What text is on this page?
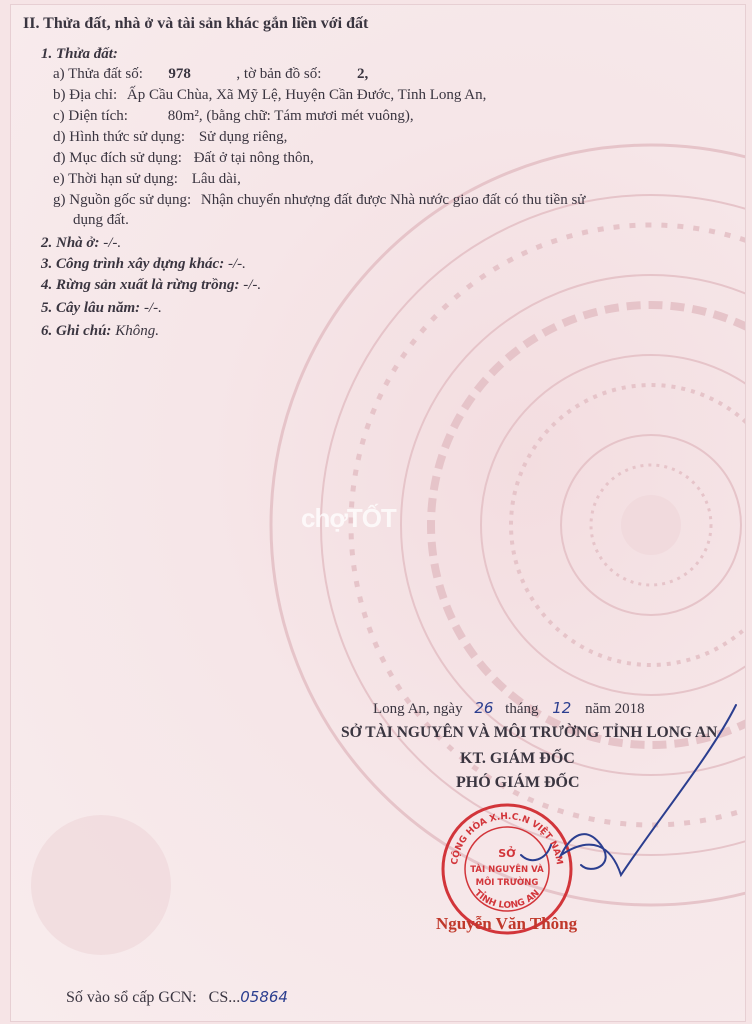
chợTỐT
II. Thửa đất, nhà ở và tài sản khác gắn liền với đất
1. Thửa đất:
a) Thửa đất số: 978	, tờ bản đồ số: 2,
b) Địa chỉ: Ấp Cầu Chùa, Xã Mỹ Lệ, Huyện Cần Đước, Tỉnh Long An,
c) Diện tích:	80m², (bằng chữ: Tám mươi mét vuông),
d) Hình thức sử dụng: Sử dụng riêng,
đ) Mục đích sử dụng: Đất ở tại nông thôn,
e) Thời hạn sử dụng: Lâu dài,
g) Nguồn gốc sử dụng: Nhận chuyển nhượng đất được Nhà nước giao đất có thu tiền sử
dụng đất.
2. Nhà ở: -/-.
3. Công trình xây dựng khác: -/-.
4. Rừng sản xuất là rừng trồng: -/-.
5. Cây lâu năm: -/-.
6. Ghi chú: Không.
Long An, ngày 26 tháng 12 năm 2018
SỞ TÀI NGUYÊN VÀ MÔI TRƯỜNG TỈNH LONG AN
KT. GIÁM ĐỐC
PHÓ GIÁM ĐỐC
CỘNG HÒA X.H.C.N VIỆT NAM
TỈNH LONG AN
SỞ
TÀI NGUYÊN VÀ
MÔI TRƯỜNG
Nguyễn Văn Thông
Số vào sổ cấp GCN: CS...05864
